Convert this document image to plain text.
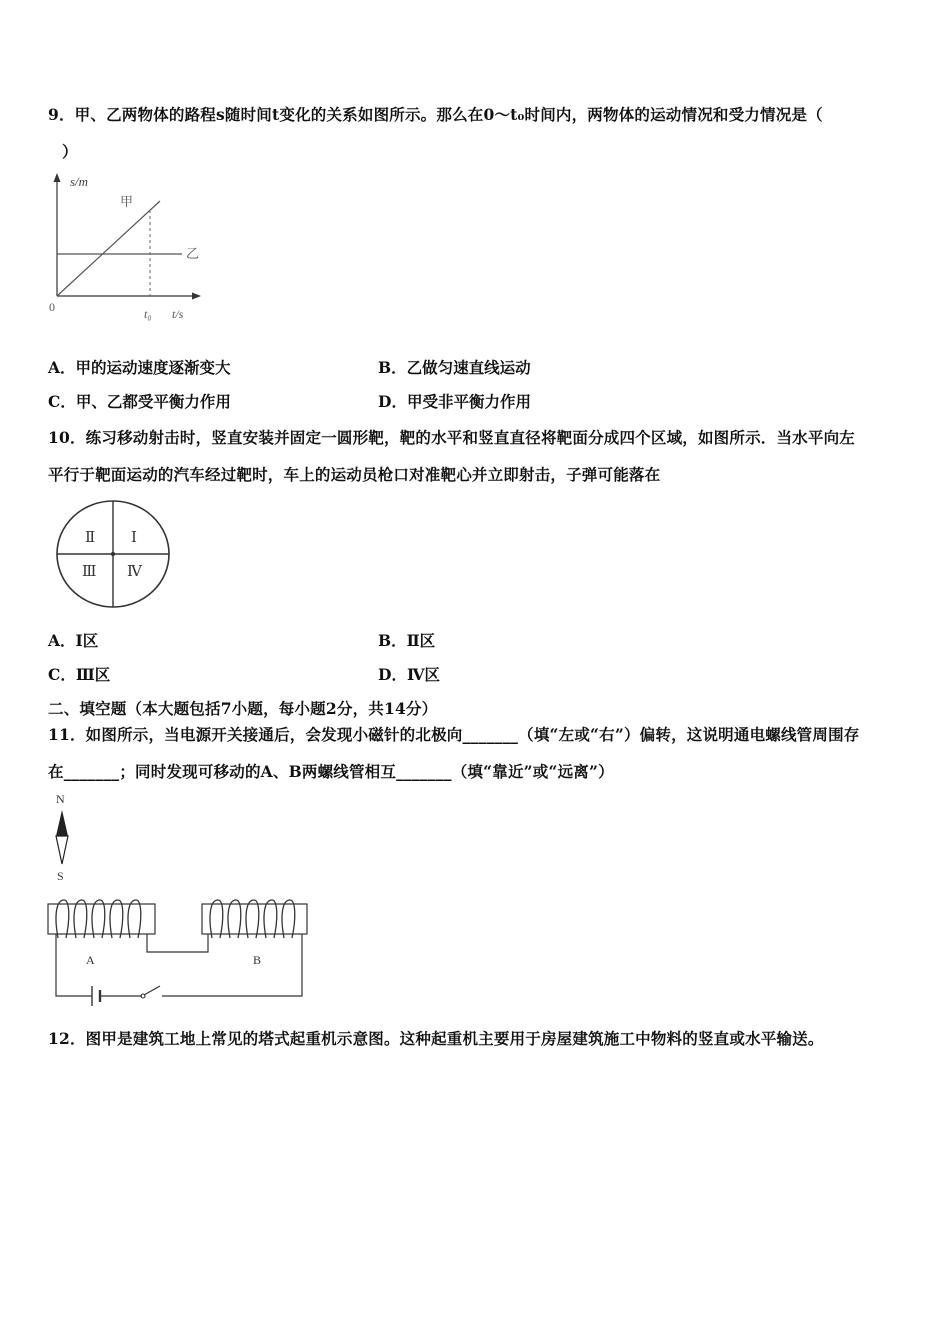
9．甲、乙两物体的路程s随时间t变化的关系如图所示。那么在0～t₀时间内，两物体的运动情况和受力情况是（
）
s/m
甲
乙
0	t₀ t/s
A．甲的运动速度逐渐变大	B．乙做匀速直线运动
C．甲、乙都受平衡力作用	D．甲受非平衡力作用
10．练习移动射击时，竖直安装并固定一圆形靶，靶的水平和竖直直径将靶面分成四个区域，如图所示．当水平向左
平行于靶面运动的汽车经过靶时，车上的运动员枪口对准靶心并立即射击，子弹可能落在
Ⅱ Ⅰ
Ⅲ Ⅳ
A．Ⅰ区	B．Ⅱ区
C．Ⅲ区	D．Ⅳ区
二、填空题（本大题包括7小题，每小题2分，共14分）
11．如图所示，当电源开关接通后，会发现小磁针的北极向_______（填“左或“右”）偏转，这说明通电螺线管周围存
在_______；同时发现可移动的A、B两螺线管相互_______（填“靠近”或“远离”）
N
S
A	B
12．图甲是建筑工地上常见的塔式起重机示意图。这种起重机主要用于房屋建筑施工中物料的竖直或水平输送。
